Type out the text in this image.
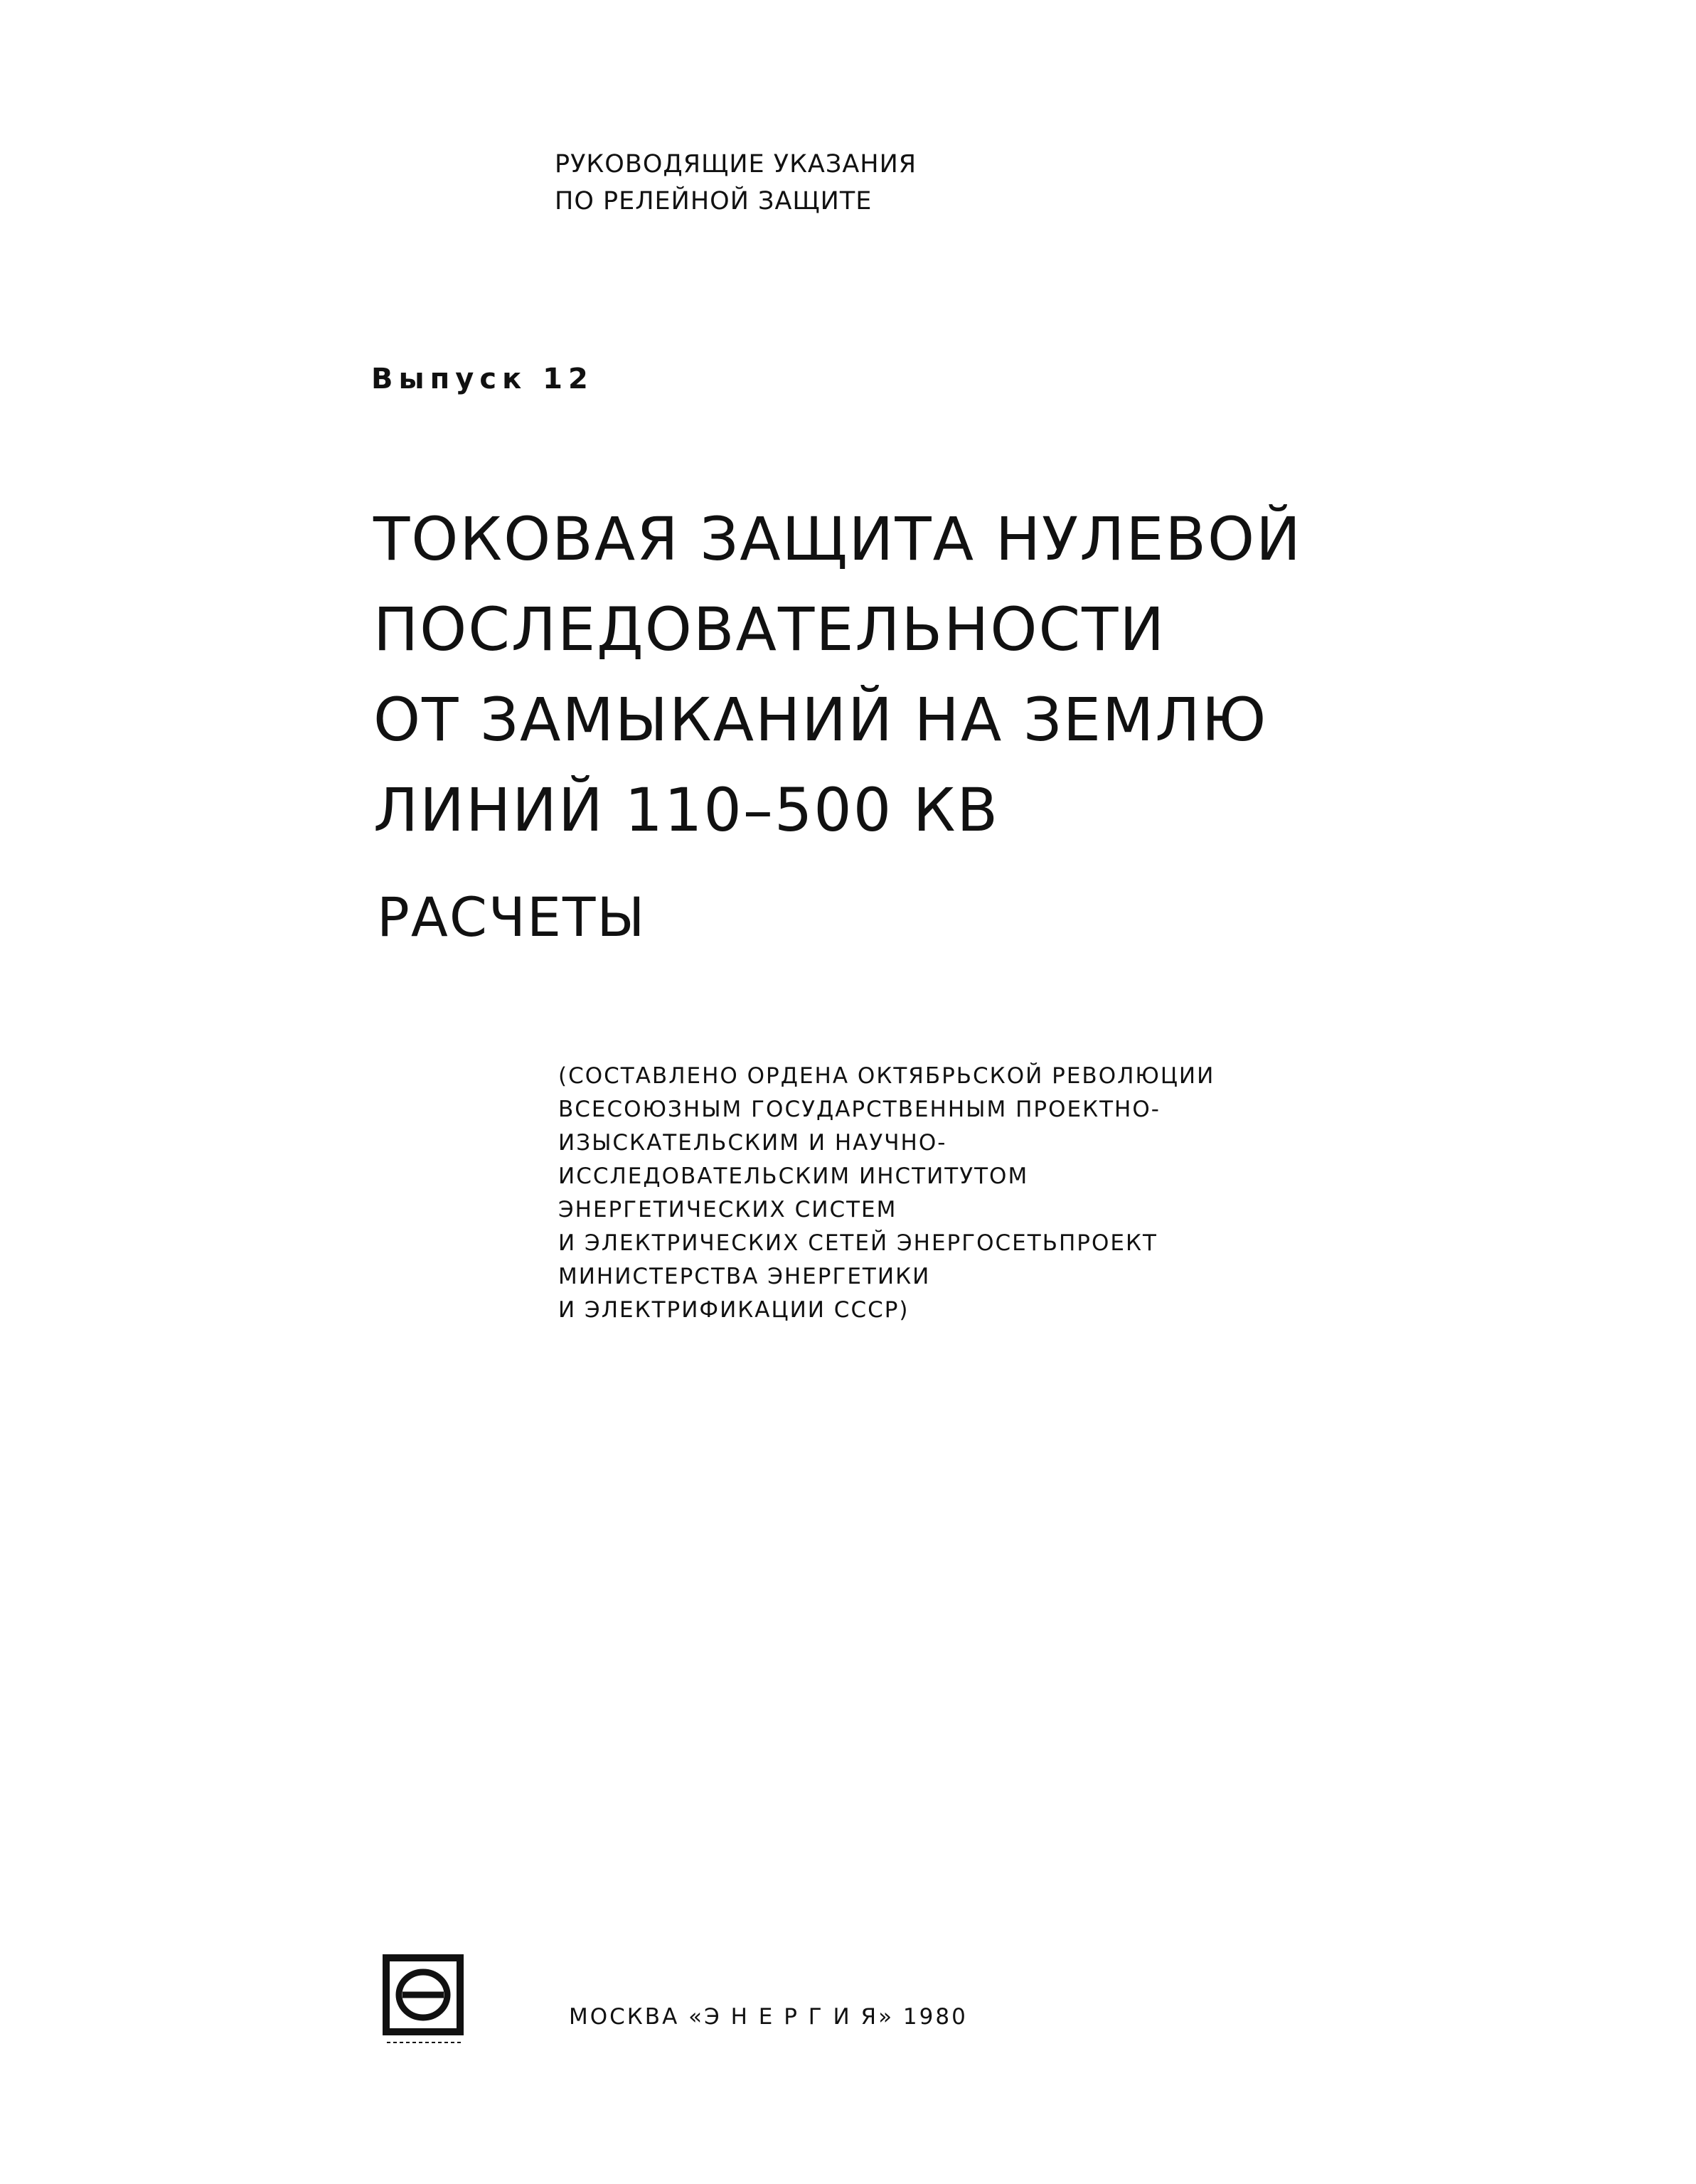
РУКОВОДЯЩИЕ УКАЗАНИЯ
ПО РЕЛЕЙНОЙ ЗАЩИТЕ
Выпуск 12
ТОКОВАЯ ЗАЩИТА НУЛЕВОЙ
ПОСЛЕДОВАТЕЛЬНОСТИ
ОТ ЗАМЫКАНИЙ НА ЗЕМЛЮ
ЛИНИЙ 110–500 КВ
РАСЧЕТЫ
(СОСТАВЛЕНО ОРДЕНА ОКТЯБРЬСКОЙ РЕВОЛЮЦИИ
ВСЕСОЮЗНЫМ ГОСУДАРСТВЕННЫМ ПРОЕКТНО-
ИЗЫСКАТЕЛЬСКИМ И НАУЧНО-
ИССЛЕДОВАТЕЛЬСКИМ ИНСТИТУТОМ
ЭНЕРГЕТИЧЕСКИХ СИСТЕМ
И ЭЛЕКТРИЧЕСКИХ СЕТЕЙ ЭНЕРГОСЕТЬПРОЕКТ
МИНИСТЕРСТВА ЭНЕРГЕТИКИ
И ЭЛЕКТРИФИКАЦИИ СССР)
МОСКВА «Э Н Е Р Г И Я» 1980
